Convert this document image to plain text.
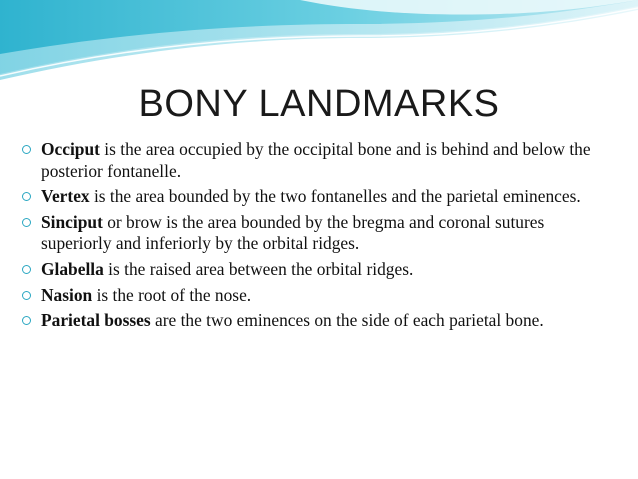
BONY LANDMARKS
Occiput is the area occupied by the occipital bone and is behind and below the posterior fontanelle.
Vertex is the area bounded by the two fontanelles and the parietal eminences.
Sinciput or brow is the area bounded by the bregma and coronal sutures superiorly and inferiorly by the orbital ridges.
Glabella is the raised area between the orbital ridges.
Nasion is the root of the nose.
Parietal bosses are the two eminences on the side of each parietal bone.
